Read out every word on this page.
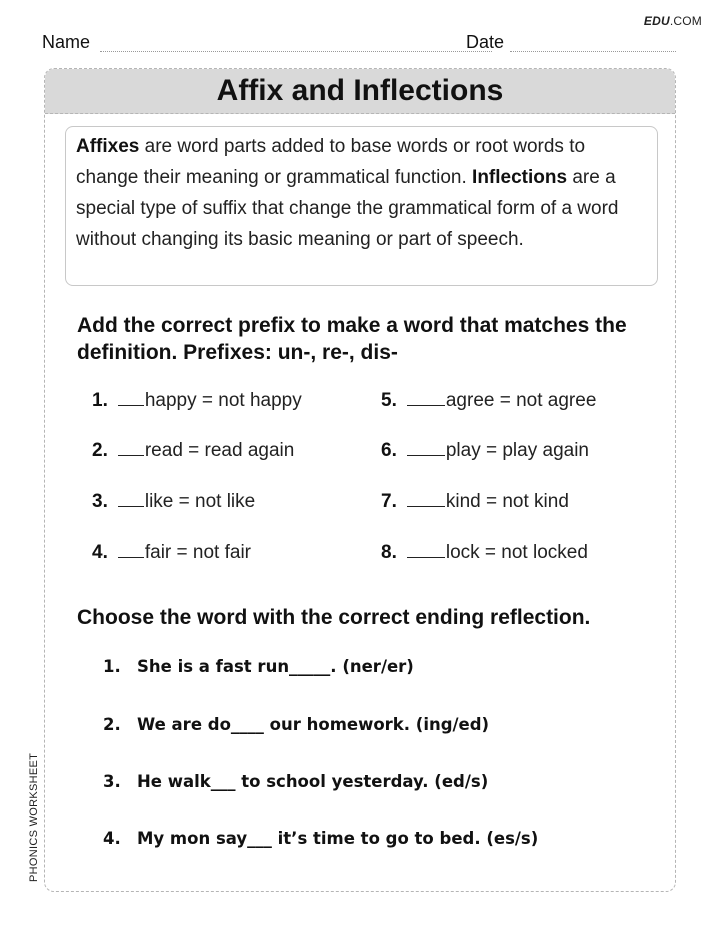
EDU.COM
Name	Date
Affix and Inflections
Affixes are word parts added to base words or root words to change their meaning or grammatical function. Inflections are a special type of suffix that change the grammatical form of a word without changing its basic meaning or part of speech.
Add the correct prefix to make a word that matches the definition. Prefixes: un-, re-, dis-
1. happy = not happy
2. read = read again
3. like = not like
4. fair = not fair
5.	agree = not agree
6.	play = play again
7.	kind = not kind
8.	lock = not locked
Choose the word with the correct ending reflection.
1. She is a fast run_____. (ner/er)
2. We are do____ our homework. (ing/ed)
3. He walk___ to school yesterday. (ed/s)
4. My mon say___ it’s time to go to bed. (es/s)
PHONICS WORKSHEET
